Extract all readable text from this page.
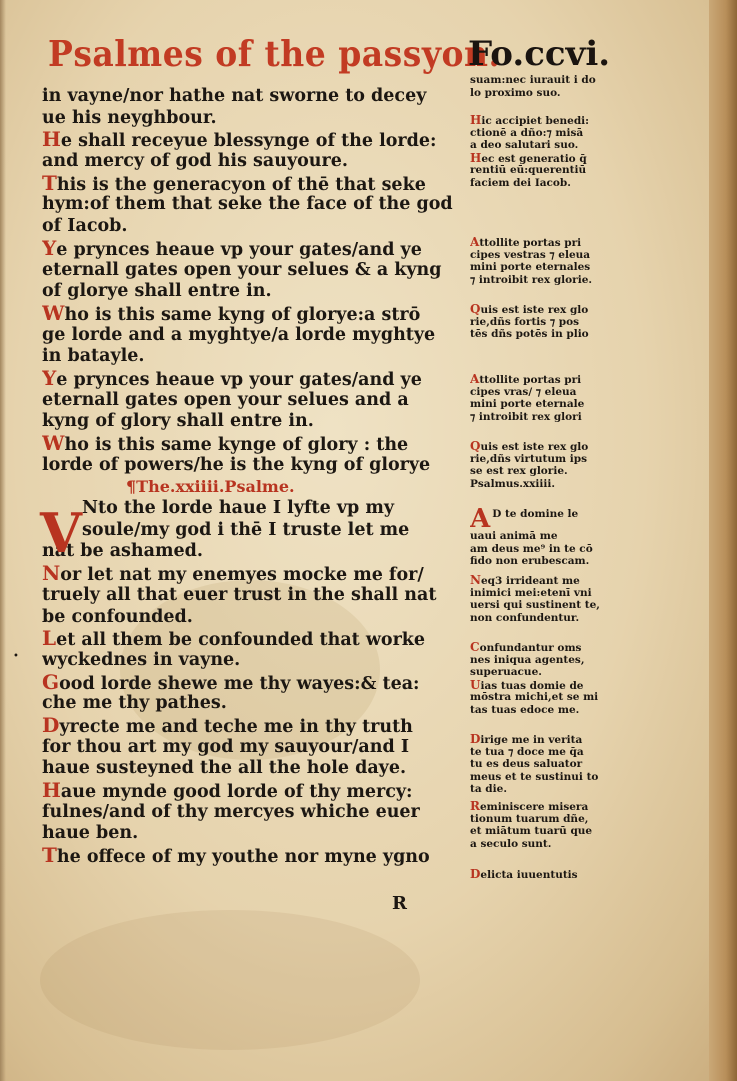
Psalmes of the passyon.
Fo.ccvi.
in vayne/nor hathe nat sworne to decey
ue his neyghbour.
He shall receyue blessynge of the lorde:
and mercy of god his sauyoure.
This is the generacyon of thē that seke
hym:of them that seke the face of the god
of Iacob.
Ye prynces heaue vp your gates/and ye
eternall gates open your selues & a kyng
of glorye shall entre in.
Who is this same kyng of glorye:a strō
ge lorde and a myghtye/a lorde myghtye
in batayle.
Ye prynces heaue vp your gates/and ye
eternall gates open your selues and a
kyng of glory shall entre in.
Who is this same kynge of glory : the
lorde of powers/he is the kyng of glorye
¶The.xxiiii.Psalme.
V Nto the lorde haue I lyfte vp my
soule/my god i thē I truste let me
nat be ashamed.
Nor let nat my enemyes mocke me for/
truely all that euer trust in the shall nat
be confounded.
Let all them be confounded that worke
wyckednes in vayne.
Good lorde shewe me thy wayes:& tea:
che me thy pathes.
Dyrecte me and teche me in thy truth
for thou art my god my sauyour/and I
haue susteyned the all the hole daye.
Haue mynde good lorde of thy mercy:
fulnes/and of thy mercyes whiche euer
haue ben.
The offece of my youthe nor myne ygno
R
•
suam:nec iurauit i do
lo proximo suo.
Hic accipiet benedi:
ctionē a dño:⁊ misā
a deo salutari suo.
Hec est generatio q̄
rentiū eū:querentiū
faciem dei Iacob.
Attollite portas pri
cipes vestras ⁊ eleua
mini porte eternales
⁊ introibit rex glorie.
Quis est iste rex glo
rie,dñs fortis ⁊ pos
tēs dñs potēs in plio
Attollite portas pri
cipes vras/ ⁊ eleua
mini porte eternale
⁊ introibit rex glori
Quis est iste rex glo
rie,dñs virtutum ips
se est rex glorie.
Psalmus.xxiiii.
A D te domine le
uaui animā me
am deus me⁹ in te cō
fido non erubescam.
Neq3 irrideant me
inimici mei:etenī vni
uersi qui sustinent te,
non confundentur.
Confundantur oms
nes iniqua agentes,
superuacue.
Uias tuas domie de
mōstra michi,et se mi
tas tuas edoce me.
Dirige me in verita
te tua ⁊ doce me q̄a
tu es deus saluator
meus et te sustinui to
ta die.
Reminiscere misera
tionum tuarum dñe,
et miātum tuarū que
a seculo sunt.
Delicta iuuentutis
